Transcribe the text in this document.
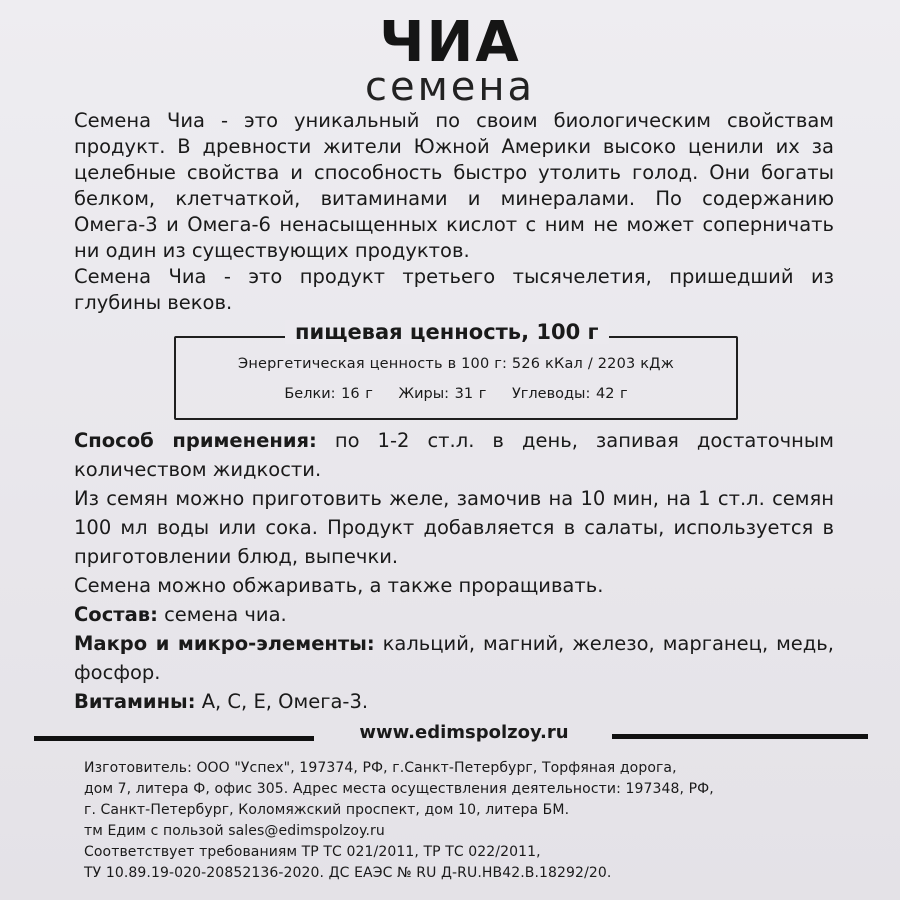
ЧИА
семена

Семена Чиа - это уникальный по своим биологическим свойствам продукт. В древности жители Южной Америки высоко ценили их за целебные свойства и способность быстро утолить голод. Они богаты белком, клетчаткой, витаминами и минералами. По содержанию Омега-3 и Омега-6 ненасыщенных кислот с ним не может соперничать ни один из существующих продуктов.

Семена Чиа - это продукт третьего тысячелетия, пришедший из глубины веков.

Энергетическая ценность в 100 г: 526 кКал / 2203 кДж
Белки: 16 г Жиры: 31 г Углеводы: 42 г
пищевая ценность, 100 г

Способ применения: по 1-2 ст.л. в день, запивая достаточным количеством жидкости.

Из семян можно приготовить желе, замочив на 10 мин, на 1 ст.л. семян 100 мл воды или сока. Продукт добавляется в салаты, используется в приготовлении блюд, выпечки.

Семена можно обжаривать, а также проращивать.

Состав: семена чиа.

Макро и микро-элементы: кальций, магний, железо, марганец, медь, фосфор.

Витамины: A, C, E, Омега-3.

www.edimspolzoy.ru
Изготовитель: ООО "Успех", 197374, РФ, г.Санкт-Петербург, Торфяная дорога,
дом 7, литера Ф, офис 305. Адрес места осуществления деятельности: 197348, РФ,
г. Санкт-Петербург, Коломяжский проспект, дом 10, литера БМ.
тм Едим с пользой sales@edimspolzoy.ru
Соответствует требованиям ТР ТС 021/2011, ТР ТС 022/2011,
ТУ 10.89.19-020-20852136-2020. ДС ЕАЭС № RU Д-RU.НВ42.В.18292/20.
